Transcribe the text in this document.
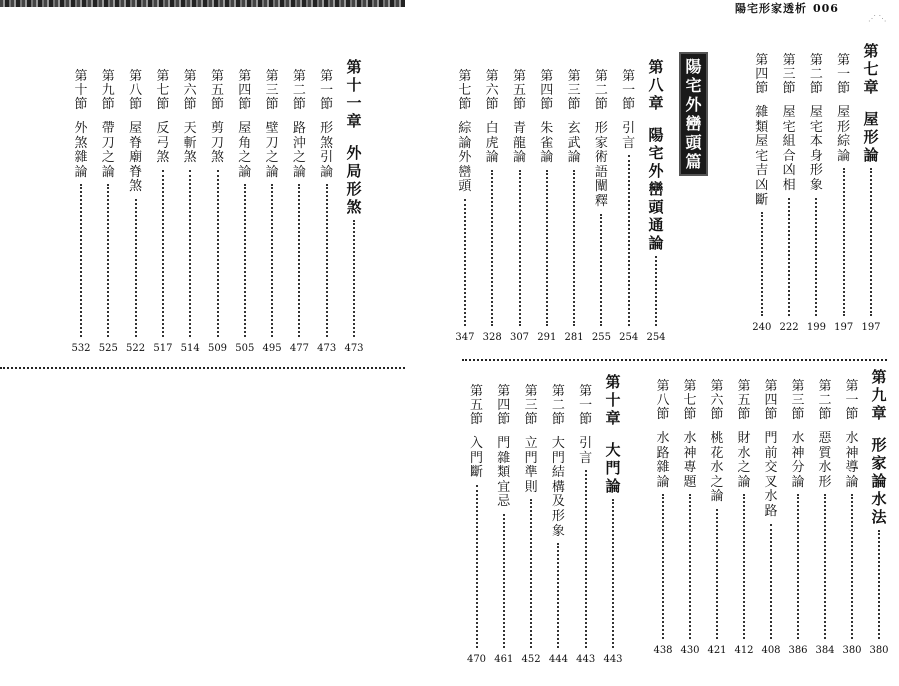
陽宅形家透析 006
⋰ ⋱
陽
宅
外
巒
頭
篇
第
七
章
屋
形
論
197
第
一
節
屋
形
綜
論
197
第
二
節
屋
宅
本
身
形
象
199
第
三
節
屋
宅
組
合
凶
相
222
第
四
節
雜
類
屋
宅
吉
凶
斷
240
第
八
章
陽
宅
外
巒
頭
通
論
254
第
一
節
引
言
254
第
二
節
形
家
術
語
闡
釋
255
第
三
節
玄
武
論
281
第
四
節
朱
雀
論
291
第
五
節
青
龍
論
307
第
六
節
白
虎
論
328
第
七
節
綜
論
外
巒
頭
347
第
九
章
形
家
論
水
法
380
第
一
節
水
神
導
論
380
第
二
節
惡
質
水
形
384
第
三
節
水
神
分
論
386
第
四
節
門
前
交
叉
水
路
408
第
五
節
財
水
之
論
412
第
六
節
桃
花
水
之
論
421
第
七
節
水
神
專
題
430
第
八
節
水
路
雜
論
438
第
十
章
大
門
論
443
第
一
節
引
言
443
第
二
節
大
門
結
構
及
形
象
444
第
三
節
立
門
準
則
452
第
四
節
門
雜
類
宜
忌
461
第
五
節
入
門
斷
470
第
十
一
章
外
局
形
煞
473
第
一
節
形
煞
引
論
473
第
二
節
路
沖
之
論
477
第
三
節
壁
刀
之
論
495
第
四
節
屋
角
之
論
505
第
五
節
剪
刀
煞
509
第
六
節
天
斬
煞
514
第
七
節
反
弓
煞
517
第
八
節
屋
脊
廟
脊
煞
522
第
九
節
帶
刀
之
論
525
第
十
節
外
煞
雜
論
532
